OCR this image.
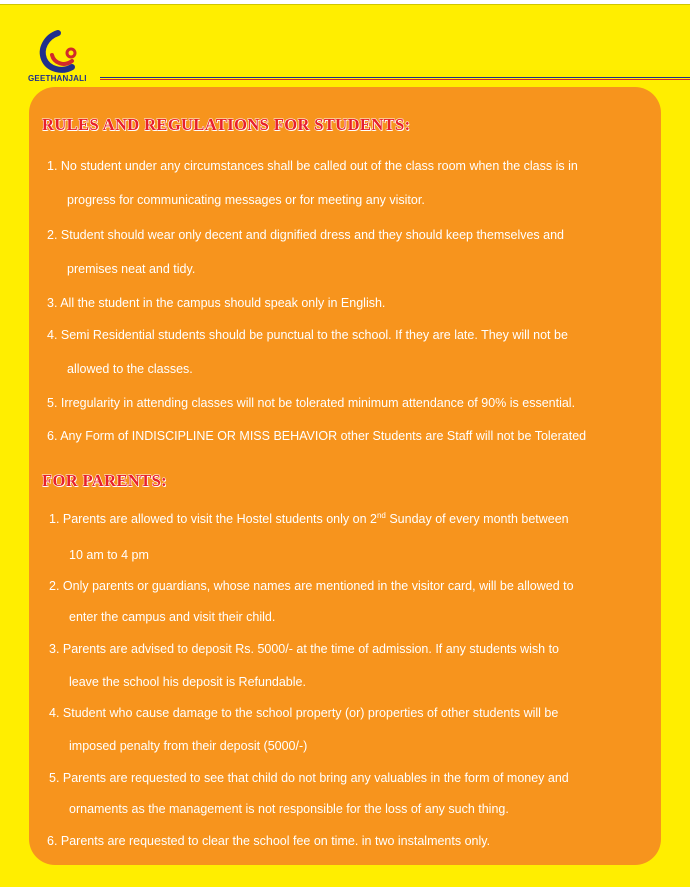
GEETHANJALI
RULES AND REGULATIONS FOR STUDENTS:
1. No student under any circumstances shall be called out of the class room when the class is in
progress for communicating messages or for meeting any visitor.
2. Student should wear only decent and dignified dress and they should keep themselves and
premises neat and tidy.
3. All the student in the campus should speak only in English.
4. Semi Residential students should be punctual to the school. If they are late. They will not be
allowed to the classes.
5. Irregularity in attending classes will not be tolerated minimum attendance of 90% is essential.
6. Any Form of INDISCIPLINE OR MISS BEHAVIOR other Students are Staff will not be Tolerated
FOR PARENTS:
1. Parents are allowed to visit the Hostel students only on 2nd Sunday of every month between
10 am to 4 pm
2. Only parents or guardians, whose names are mentioned in the visitor card, will be allowed to
enter the campus and visit their child.
3. Parents are advised to deposit Rs. 5000/- at the time of admission. If any students wish to
leave the school his deposit is Refundable.
4. Student who cause damage to the school property (or) properties of other students will be
imposed penalty from their deposit (5000/-)
5. Parents are requested to see that child do not bring any valuables in the form of money and
ornaments as the management is not responsible for the loss of any such thing.
6. Parents are requested to clear the school fee on time. in two instalments only.
